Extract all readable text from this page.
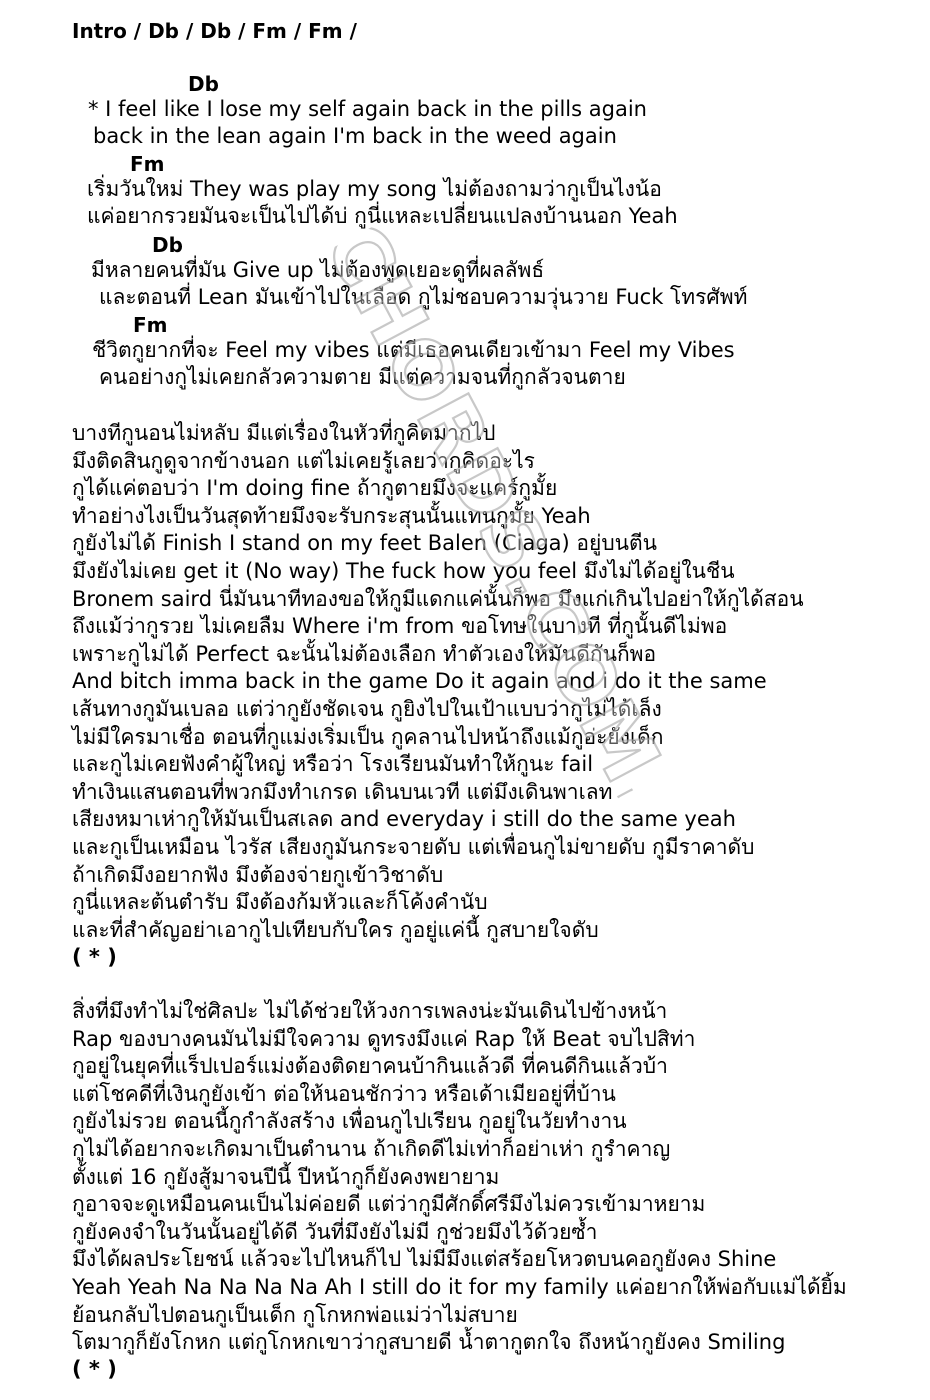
Intro / Db / Db / Fm / Fm /
Db
Fm
Db
Fm
* I feel like I lose my self again back in the pills again
back in the lean again I'm back in the weed again
เริ่มวันใหม่ They was play my song ไม่ต้องถามว่ากูเป็นไงน้อ
แค่อยากรวยมันจะเป็นไปได้บ่ กูนี่แหละเปลี่ยนแปลงบ้านนอก Yeah
มีหลายคนที่มัน Give up ไม่ต้องพูดเยอะดูที่ผลลัพธ์
และตอนที่ Lean มันเข้าไปในเลือด กูไม่ชอบความวุ่นวาย Fuck โทรศัพท์
ชีวิตกูยากที่จะ Feel my vibes แต่มีเธอคนเดียวเข้ามา Feel my Vibes
คนอย่างกูไม่เคยกลัวความตาย มีแต่ความจนที่กูกลัวจนตาย
บางทีกูนอนไม่หลับ มีแต่เรื่องในหัวที่กูคิดมากไป
มึงติดสินกูดูจากข้างนอก แต่ไม่เคยรู้เลยว่ากูคิดอะไร
กูได้แค่ตอบว่า I'm doing fine ถ้ากูตายมึงจะแคร์กูมั้ย
ทำอย่างไงเป็นวันสุดท้ายมึงจะรับกระสุนนั้นแทนกูมั้ย Yeah
กูยังไม่ได้ Finish I stand on my feet Balen (Ciaga) อยู่บนตีน
มึงยังไม่เคย get it (No way) The fuck how you feel มึงไม่ได้อยู่ในชีน
Bronem saird นี่มันนาทีทองขอให้กูมีแดกแค่นั้นก็พอ มึงแก่เกินไปอย่าให้กูได้สอน
ถึงแม้ว่ากูรวย ไม่เคยลืม Where i'm from ขอโทษในบางที ที่กูนั้นดีไม่พอ
เพราะกูไม่ได้ Perfect ฉะนั้นไม่ต้องเลือก ทำตัวเองให้มันดีกันก็พอ
And bitch imma back in the game Do it again and i do it the same
เส้นทางกูมันเบลอ แต่ว่ากูยังชัดเจน กูยิงไปในเป้าแบบว่ากูไม่ได้เล็ง
ไม่มีใครมาเชื่อ ตอนที่กูแม่งเริ่มเป็น กูคลานไปหน้าถึงแม้กูอ่ะยังเด็ก
และกูไม่เคยฟังคำผู้ใหญ่ หรือว่า โรงเรียนมันทำให้กูนะ fail
ทำเงินแสนตอนที่พวกมึงทำเกรด เดินบนเวที แต่มึงเดินพาเลท
เสียงหมาเห่ากูให้มันเป็นสเลด and everyday i still do the same yeah
และกูเป็นเหมือน ไวรัส เสียงกูมันกระจายดับ แต่เพื่อนกูไม่ขายดับ กูมีราคาดับ
ถ้าเกิดมึงอยากฟัง มึงต้องจ่ายกูเข้าวิชาดับ
กูนี่แหละต้นตำรับ มึงต้องก้มหัวและก็โค้งคำนับ
และที่สำคัญอย่าเอากูไปเทียบกับใคร กูอยู่แค่นี้ กูสบายใจดับ
( * )
สิ่งที่มึงทำไม่ใช่ศิลปะ ไม่ได้ช่วยให้วงการเพลงน่ะมันเดินไปข้างหน้า
Rap ของบางคนมันไม่มีใจความ ดูทรงมึงแค่ Rap ให้ Beat จบไปสิท่า
กูอยู่ในยุคที่แร็ปเปอร์แม่งต้องติดยาคนบ้ากินแล้วดี ที่คนดีกินแล้วบ้า
แต่โชคดีที่เงินกูยังเข้า ต่อให้นอนชักว่าว หรือเด้าเมียอยู่ที่บ้าน
กูยังไม่รวย ตอนนี้กูกำลังสร้าง เพื่อนกูไปเรียน กูอยู่ในวัยทำงาน
กูไม่ได้อยากจะเกิดมาเป็นตำนาน ถ้าเกิดดีไม่เท่าก็อย่าเห่า กูรำคาญ
ตั้งแต่ 16 กูยังสู้มาจนปีนี้ ปีหน้ากูก็ยังคงพยายาม
กูอาจจะดูเหมือนคนเป็นไม่ค่อยดี แต่ว่ากูมีศักดิ์ศรีมึงไม่ควรเข้ามาหยาม
กูยังคงจำในวันนั้นอยู่ได้ดี วันที่มึงยังไม่มี กูช่วยมึงไว้ด้วยซ้ำ
มึงได้ผลประโยชน์ แล้วจะไปไหนก็ไป ไม่มีมึงแต่สร้อยโหวตบนคอกูยังคง Shine
Yeah Yeah Na Na Na Na Ah I still do it for my family แค่อยากให้พ่อกับแม่ได้ยิ้ม
ย้อนกลับไปตอนกูเป็นเด็ก กูโกหกพ่อแม่ว่าไม่สบาย
โตมากูก็ยังโกหก แต่กูโกหกเขาว่ากูสบายดี น้ำตากูตกใจ ถึงหน้ากูยังคง Smiling
( * )
DOCHORDS.COM.TH
